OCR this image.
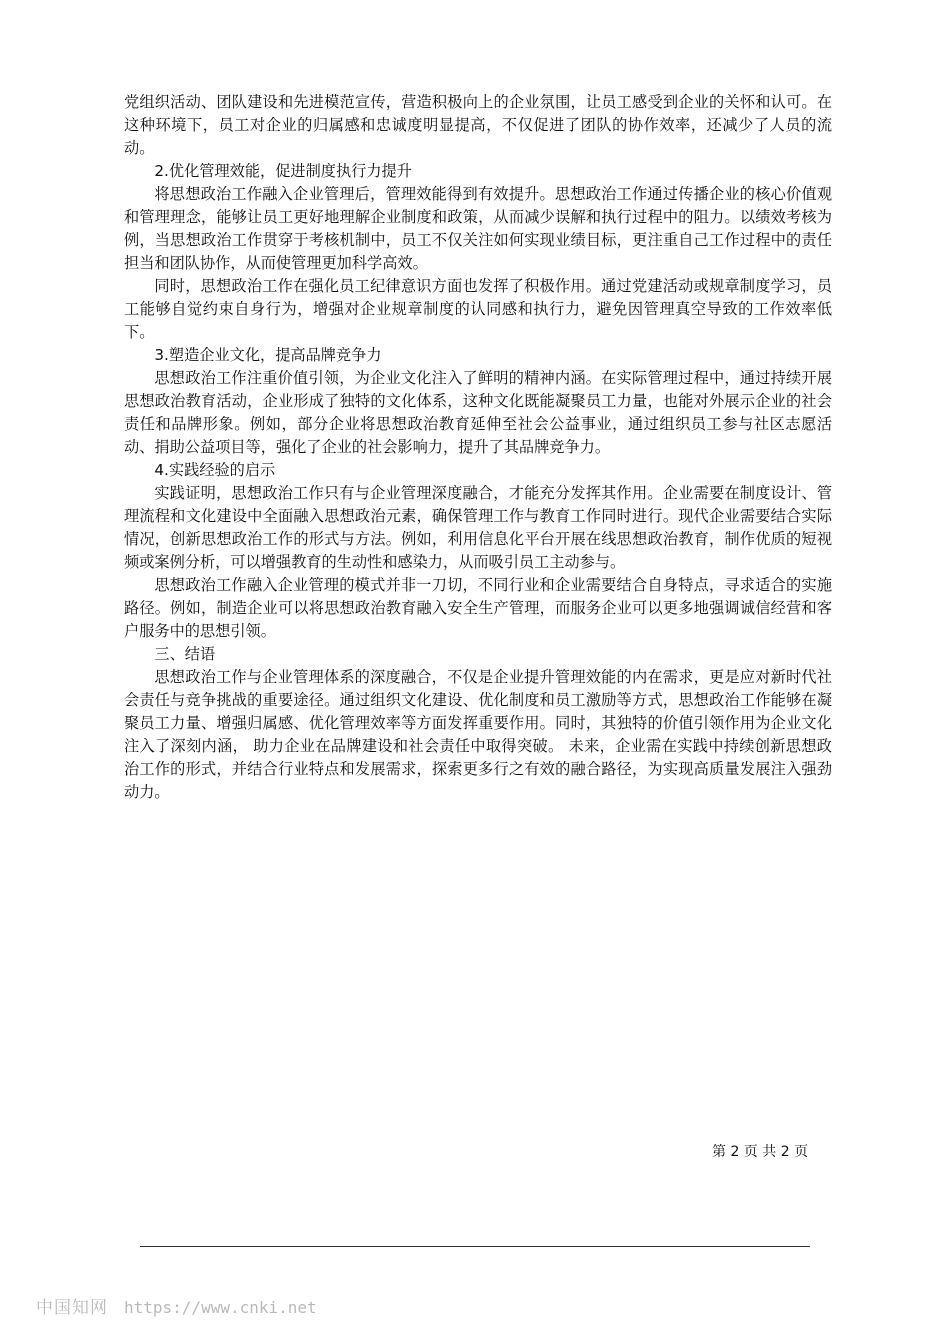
党组织活动、团队建设和先进模范宣传，营造积极向上的企业氛围，让员工感受到企业的关怀和认可。在这种环境下，员工对企业的归属感和忠诚度明显提高，不仅促进了团队的协作效率，还减少了人员的流动。

2.优化管理效能，促进制度执行力提升

将思想政治工作融入企业管理后，管理效能得到有效提升。思想政治工作通过传播企业的核心价值观和管理理念，能够让员工更好地理解企业制度和政策，从而减少误解和执行过程中的阻力。以绩效考核为例，当思想政治工作贯穿于考核机制中，员工不仅关注如何实现业绩目标，更注重自己工作过程中的责任担当和团队协作，从而使管理更加科学高效。

同时，思想政治工作在强化员工纪律意识方面也发挥了积极作用。通过党建活动或规章制度学习，员工能够自觉约束自身行为，增强对企业规章制度的认同感和执行力，避免因管理真空导致的工作效率低下。

3.塑造企业文化，提高品牌竞争力

思想政治工作注重价值引领，为企业文化注入了鲜明的精神内涵。在实际管理过程中，通过持续开展思想政治教育活动，企业形成了独特的文化体系，这种文化既能凝聚员工力量，也能对外展示企业的社会责任和品牌形象。例如，部分企业将思想政治教育延伸至社会公益事业，通过组织员工参与社区志愿活动、捐助公益项目等，强化了企业的社会影响力，提升了其品牌竞争力。

4.实践经验的启示

实践证明，思想政治工作只有与企业管理深度融合，才能充分发挥其作用。企业需要在制度设计、管理流程和文化建设中全面融入思想政治元素，确保管理工作与教育工作同时进行。现代企业需要结合实际情况，创新思想政治工作的形式与方法。例如，利用信息化平台开展在线思想政治教育，制作优质的短视频或案例分析，可以增强教育的生动性和感染力，从而吸引员工主动参与。

思想政治工作融入企业管理的模式并非一刀切，不同行业和企业需要结合自身特点，寻求适合的实施路径。例如，制造企业可以将思想政治教育融入安全生产管理，而服务企业可以更多地强调诚信经营和客户服务中的思想引领。

三、结语

思想政治工作与企业管理体系的深度融合，不仅是企业提升管理效能的内在需求，更是应对新时代社会责任与竞争挑战的重要途径。通过组织文化建设、优化制度和员工激励等方式，思想政治工作能够在凝聚员工力量、增强归属感、优化管理效率等方面发挥重要作用。同时，其独特的价值引领作用为企业文化注入了深刻内涵， 助力企业在品牌建设和社会责任中取得突破。 未来，企业需在实践中持续创新思想政治工作的形式，并结合行业特点和发展需求，探索更多行之有效的融合路径，为实现高质量发展注入强劲动力。

第 2 页 共 2 页
中国知网 https://www.cnki.net
